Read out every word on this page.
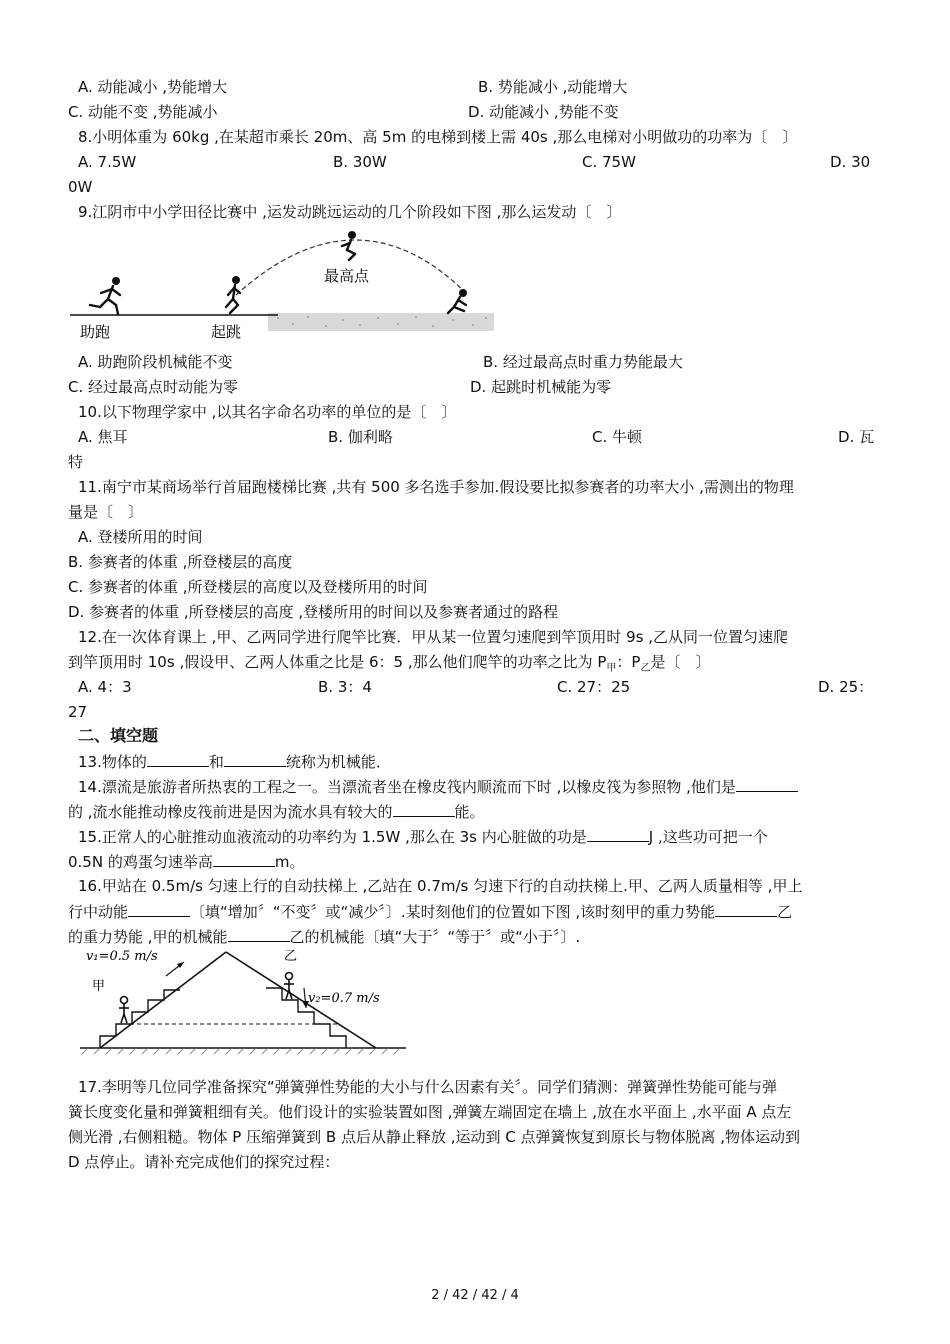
A. 动能减小 ,势能增大	B. 势能减小 ,动能增大
C. 动能不变 ,势能减小	D. 动能减小 ,势能不变
8.小明体重为 60kg ,在某超市乘长 20m、高 5m 的电梯到楼上需 40s ,那么电梯对小明做功的功率为〔　〕
A. 7.5W	B. 30W	C. 75W	D. 30
0W
9.江阴市中小学田径比赛中 ,运发动跳远运动的几个阶段如下图 ,那么运发动〔　〕
最高点
助跑	起跳
A. 助跑阶段机械能不变	B. 经过最高点时重力势能最大
C. 经过最高点时动能为零	D. 起跳时机械能为零
10.以下物理学家中 ,以其名字命名功率的单位的是〔　〕
A. 焦耳	B. 伽利略	C. 牛顿	D. 瓦
特
11.南宁市某商场举行首届跑楼梯比赛 ,共有 500 多名选手参加.假设要比拟参赛者的功率大小 ,需测出的物理
量是〔　〕
A. 登楼所用的时间
B. 参赛者的体重 ,所登楼层的高度
C. 参赛者的体重 ,所登楼层的高度以及登楼所用的时间
D. 参赛者的体重 ,所登楼层的高度 ,登楼所用的时间以及参赛者通过的路程
12.在一次体育课上 ,甲、乙两同学进行爬竿比赛．甲从某一位置匀速爬到竿顶用时 9s ,乙从同一位置匀速爬
到竿顶用时 10s ,假设甲、乙两人体重之比是 6：5 ,那么他们爬竿的功率之比为 $P_甲$：$P_乙$是〔　〕
A. 4：3	B. 3：4	C. 27：25	D. 25：
27
二、填空题
13.物体的	和	统称为机械能．
14.漂流是旅游者所热衷的工程之一。当漂流者坐在橡皮筏内顺流而下时 ,以橡皮筏为参照物 ,他们是
的 ,流水能推动橡皮筏前进是因为流水具有较大的	能。
15.正常人的心脏推动血液流动的功率约为 1.5W ,那么在 3s 内心脏做的功是	J ,这些功可把一个
0.5N 的鸡蛋匀速举高	m。
16.甲站在 0.5m/s 匀速上行的自动扶梯上 ,乙站在 0.7m/s 匀速下行的自动扶梯上.甲、乙两人质量相等 ,甲上
行中动能	〔填“增加〞“不变〞或“减少〞〕.某时刻他们的位置如下图 ,该时刻甲的重力势能	乙
的重力势能 ,甲的机械能	乙的机械能〔填“大于〞“等于〞或“小于〞〕.
v₁=0.5 m/s
甲
乙
v₂=0.7 m/s
17.李明等几位同学准备探究“弹簧弹性势能的大小与什么因素有关〞。同学们猜测：弹簧弹性势能可能与弹
簧长度变化量和弹簧粗细有关。他们设计的实验装置如图 ,弹簧左端固定在墙上 ,放在水平面上 ,水平面 A 点左
侧光滑 ,右侧粗糙。物体 P 压缩弹簧到 B 点后从静止释放 ,运动到 C 点弹簧恢复到原长与物体脱离 ,物体运动到
D 点停止。请补充完成他们的探究过程：
2 / 42 / 42 / 4
